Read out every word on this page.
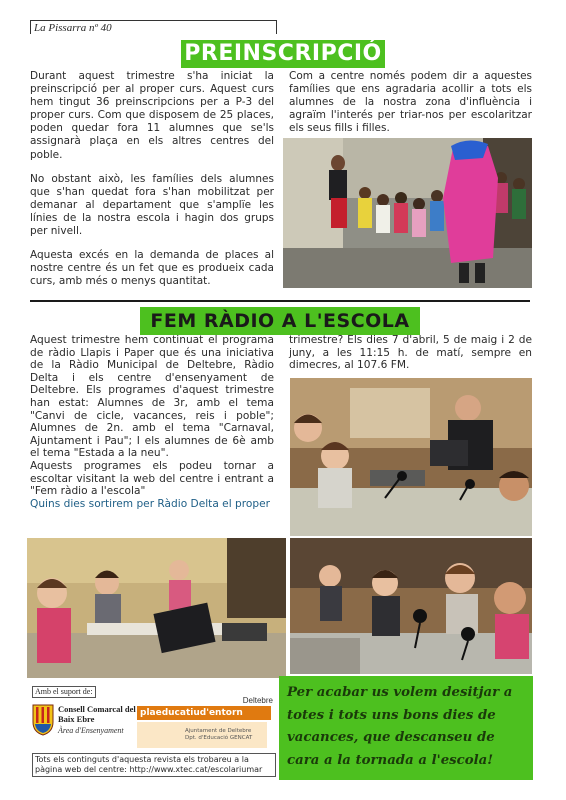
La Pissarra nº 40
PREINSCRIPCIÓ

Durant aquest trimestre s'ha iniciat la preinscripció per al proper curs. Aquest curs hem tingut 36 preinscripcions per a P-3 del proper curs. Com que disposem de 25 places, poden quedar fora 11 alumnes que se'ls assignarà plaça en els altres centres del poble.

No obstant això, les famílies dels alumnes que s'han quedat fora s'han mobilitzat per demanar al departament que s'amplïe les línies de la nostra escola i hagin dos grups per nivell.

Aquesta excés en la demanda de places al nostre centre és un fet que es produeix cada curs, amb més o menys quantitat.

Com a centre només podem dir a aquestes famílies que ens agradaria acollir a tots els alumnes de la nostra zona d'influència i agraïm l'interés per triar-nos per escolaritzar els seus fills i filles.

FEM RÀDIO A L'ESCOLA

Aquest trimestre hem continuat el programa de ràdio Llapis i Paper que és una iniciativa de la Ràdio Municipal de Deltebre, Ràdio Delta i els centre d'ensenyament de Deltebre. Els programes d'aquest trimestre han estat: Alumnes de 3r, amb el tema "Canvi de cicle, vacances, reis i poble"; Alumnes de 2n. amb el tema "Carnaval, Ajuntament i Pau"; I els alumnes de 6è amb el tema "Estada a la neu".

Aquests programes els podeu tornar a escoltar visitant la web del centre i entrant a "Fem ràdio a l'escola"

Quins dies sortirem per Ràdio Delta el proper

trimestre? Els dies 7 d'abril, 5 de maig i 2 de juny, a les 11:15 h. de matí, sempre en dimecres, al 107.6 FM.

Amb el suport de:
Consell Comarcal del Baix Ebre
Àrea d'Ensenyament
Deltebre
plaeducatiud'entorn
Ajuntament de Deltebre
Dpt. d'Educació GENCAT
Tots els continguts d'aquesta revista els trobareu a la pàgina web del centre: http://www.xtec.cat/escolariumar
Per acabar us volem desitjar a totes i tots uns bons dies de vacances, que descanseu de cara a la tornada a l'escola!
